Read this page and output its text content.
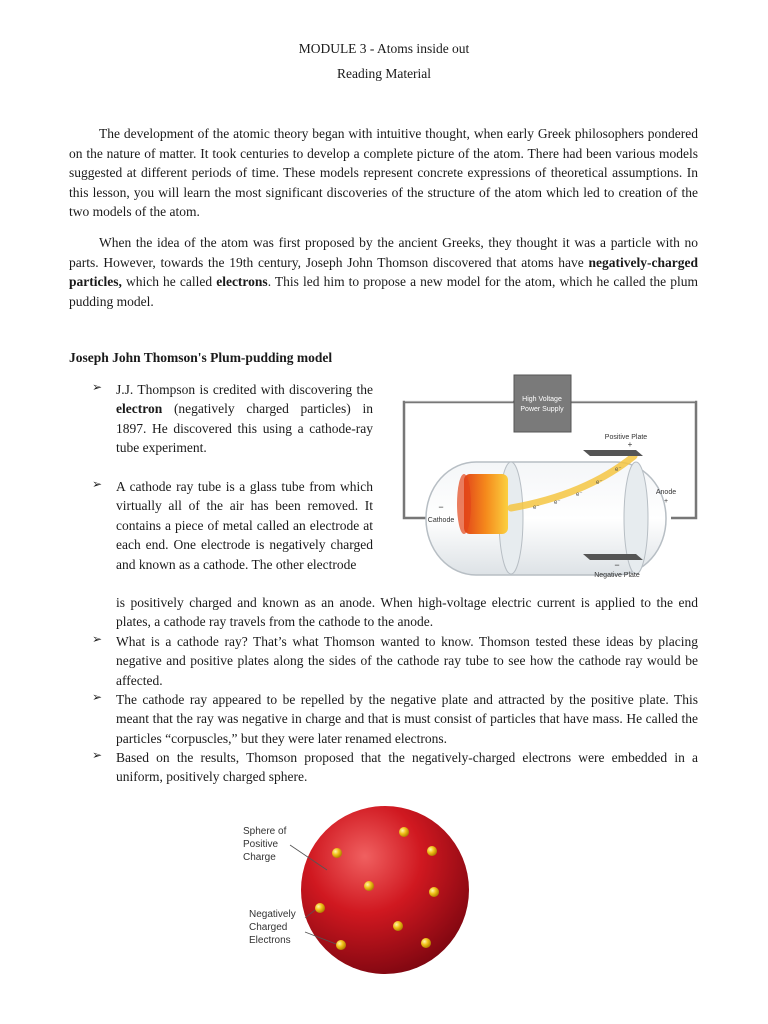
MODULE 3 - Atoms inside out
Reading Material

The development of the atomic theory began with intuitive thought, when early Greek philosophers pondered on the nature of matter. It took centuries to develop a complete picture of the atom. There had been various models suggested at different periods of time. These models represent concrete expressions of theoretical assumptions. In this lesson, you will learn the most significant discoveries of the structure of the atom which led to creation of the two models of the atom.

When the idea of the atom was first proposed by the ancient Greeks, they thought it was a particle with no parts. However, towards the 19th century, Joseph John Thomson discovered that atoms have negatively-charged particles, which he called electrons. This led him to propose a new model for the atom, which he called the plum pudding model.

Joseph John Thomson's Plum-pudding model

➢ J.J. Thompson is credited with discovering the electron (negatively charged particles) in 1897. He discovered this using a cathode-ray tube experiment.

➢ A cathode ray tube is a glass tube from which virtually all of the air has been removed. It contains a piece of metal called an electrode at each end. One electrode is negatively charged and known as a cathode. The other electrode

is positively charged and known as an anode. When high-voltage electric current is applied to the end plates, a cathode ray travels from the cathode to the anode.

➢ What is a cathode ray? That’s what Thomson wanted to know. Thomson tested these ideas by placing negative and positive plates along the sides of the cathode ray tube to see how the cathode ray would be affected.

➢ The cathode ray appeared to be repelled by the negative plate and attracted by the positive plate. This meant that the ray was negative in charge and that is must consist of particles that have mass. He called the particles “corpuscles,” but they were later renamed electrons.

➢ Based on the results, Thomson proposed that the negatively-charged electrons were embedded in a uniform, positively charged sphere.

High Voltage
Power Supply
e⁻
e⁻
e⁻
e⁻
e⁻
Positive Plate
+
Negative Plate
−
Anode
+
−
Cathode
Sphere of
Positive
Charge
Negatively
Charged
Electrons
